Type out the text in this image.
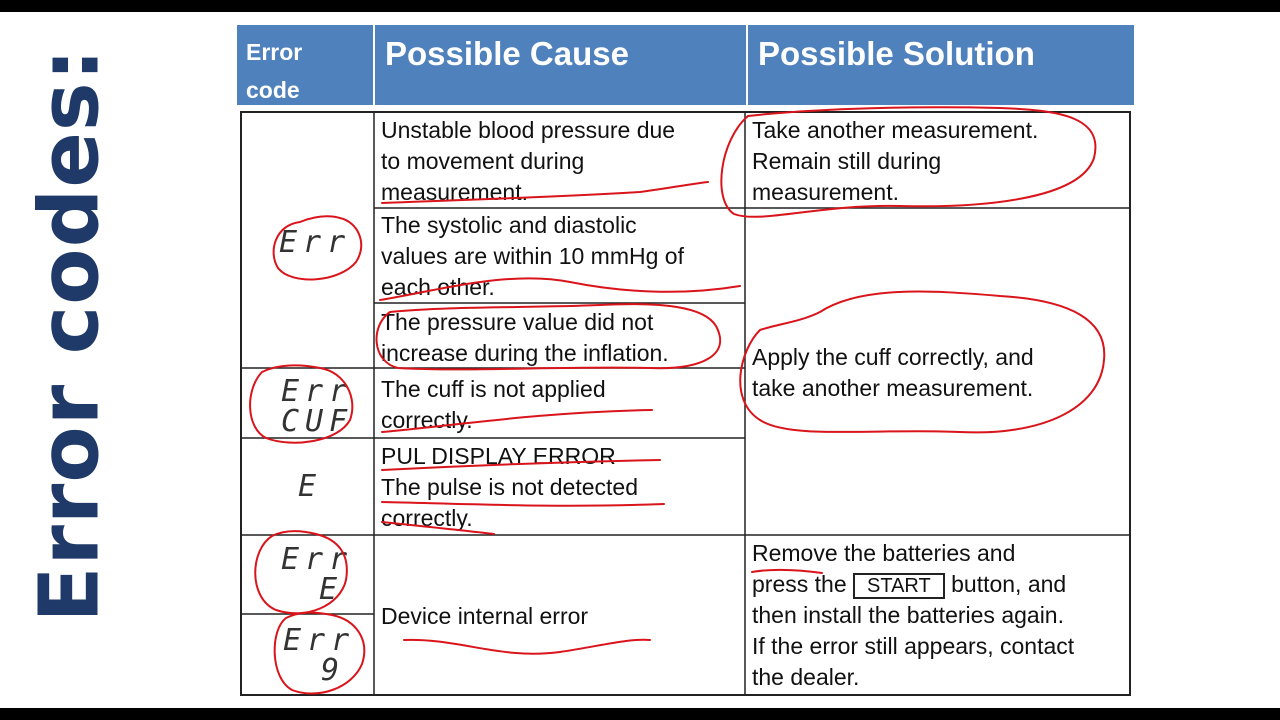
Error codes:	Error
code
Possible Cause	Possible Solution
Err
Err
CUF
E
Err
E
Err
9
Unstable blood pressure due
to movement during
measurement.
The systolic and diastolic
values are within 10 mmHg of
each other.
The pressure value did not
increase during the inflation.
The cuff is not applied
correctly.
PUL DISPLAY ERROR
The pulse is not detected
correctly.
Device internal error
Take another measurement.
Remain still during
measurement.
Apply the cuff correctly, and
take another measurement.
Remove the batteries and
press the START button, and
then install the batteries again.
If the error still appears, contact
the dealer.
